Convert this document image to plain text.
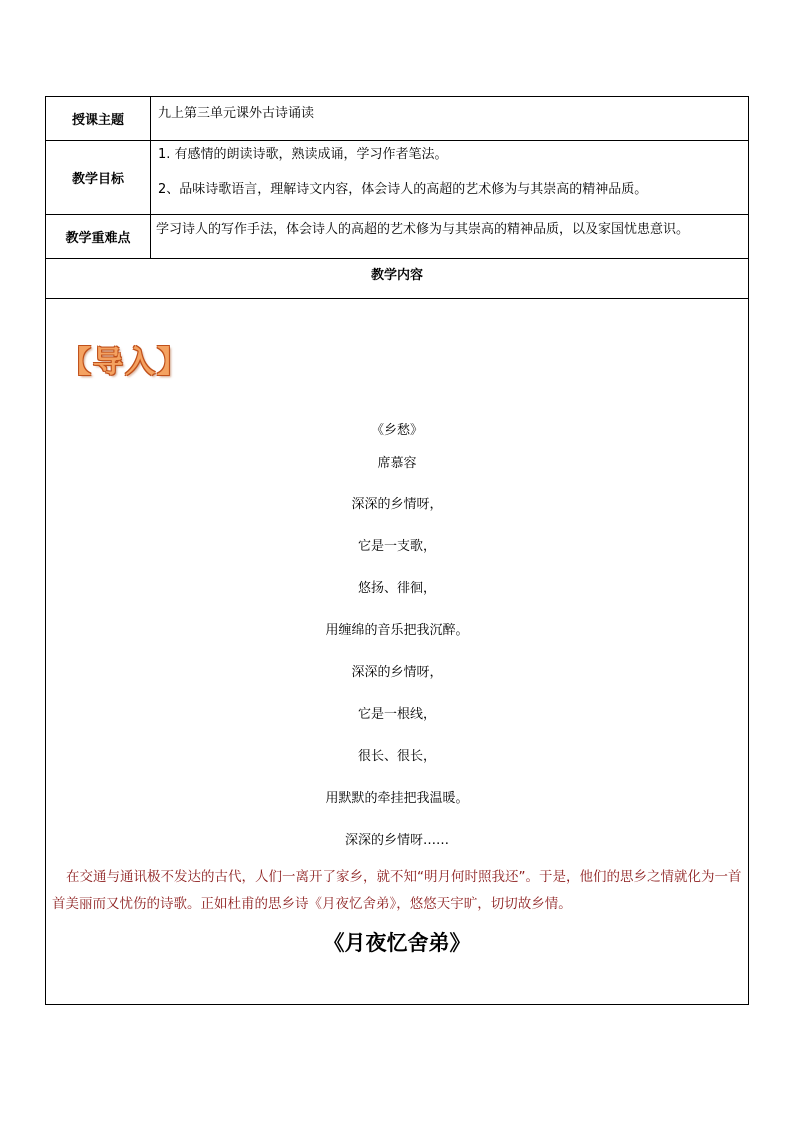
授课主题	九上第三单元课外古诗诵读
教学目标
1. 有感情的朗读诗歌，熟读成诵，学习作者笔法。
2、品味诗歌语言，理解诗文内容，体会诗人的高超的艺术修为与其崇高的精神品质。
教学重难点
学习诗人的写作手法，体会诗人的高超的艺术修为与其崇高的精神品质，以及家国忧患意识。
教学内容
【导入】
《乡愁》
席慕容
深深的乡情呀，
它是一支歌，
悠扬、徘徊，
用缠绵的音乐把我沉醉。
深深的乡情呀，
它是一根线，
很长、很长，
用默默的牵挂把我温暖。
深深的乡情呀……
在交通与通讯极不发达的古代，人们一离开了家乡，就不知“明月何时照我还”。于是，他们的思乡之情就化为一首首美丽而又忧伤的诗歌。正如杜甫的思乡诗《月夜忆舍弟》，悠悠天宇旷，切切故乡情。
《月夜忆舍弟》
